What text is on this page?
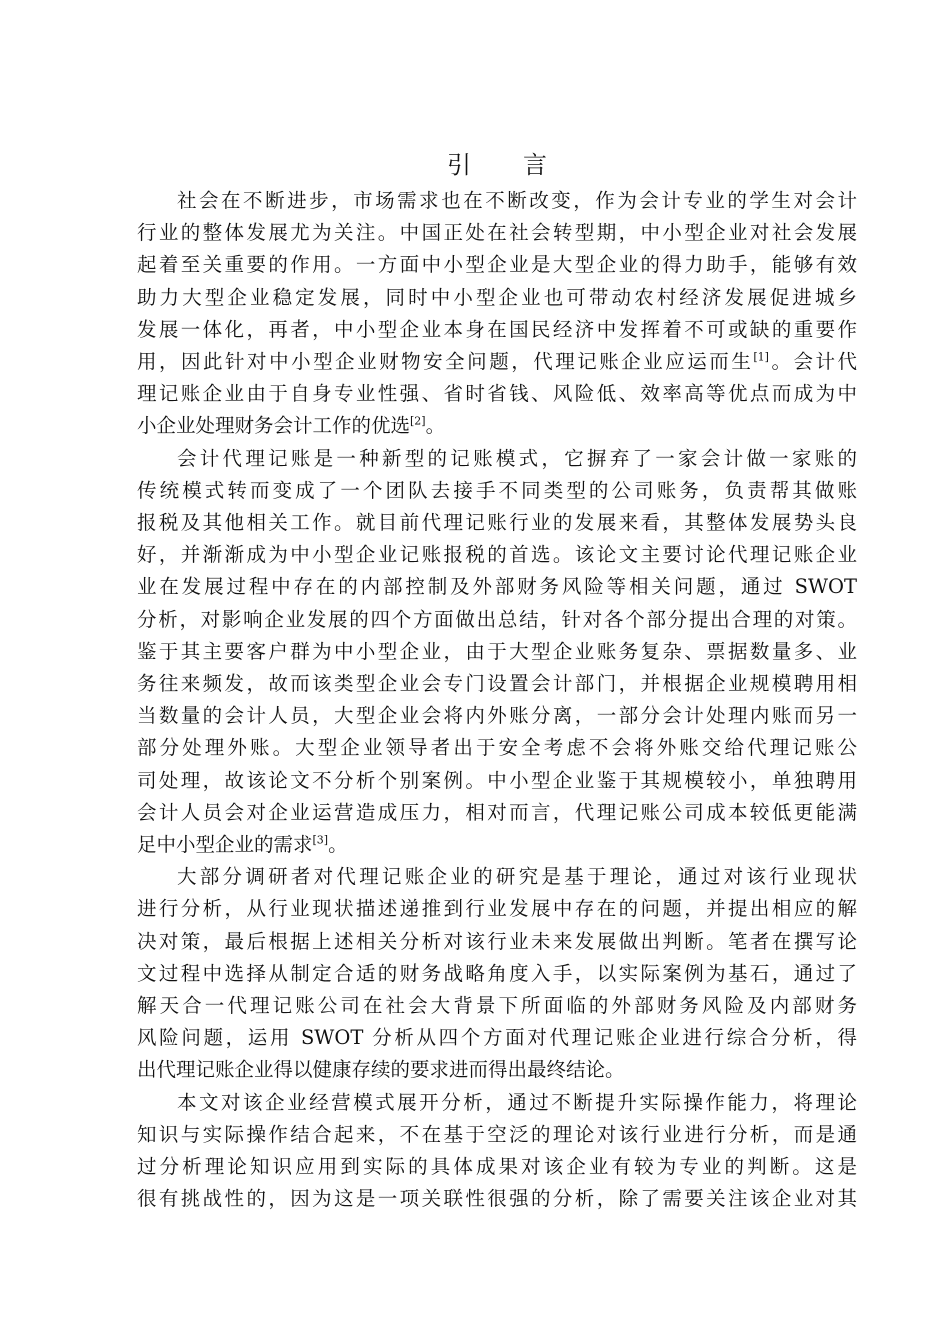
引 言
社会在不断进步，市场需求也在不断改变，作为会计专业的学生对会计
行业的整体发展尤为关注。中国正处在社会转型期，中小型企业对社会发展
起着至关重要的作用。一方面中小型企业是大型企业的得力助手，能够有效
助力大型企业稳定发展，同时中小型企业也可带动农村经济发展促进城乡
发展一体化，再者，中小型企业本身在国民经济中发挥着不可或缺的重要作
用，因此针对中小型企业财物安全问题，代理记账企业应运而生[1]。会计代
理记账企业由于自身专业性强、省时省钱、风险低、效率高等优点而成为中
小企业处理财务会计工作的优选[2]。
会计代理记账是一种新型的记账模式，它摒弃了一家会计做一家账的
传统模式转而变成了一个团队去接手不同类型的公司账务，负责帮其做账
报税及其他相关工作。就目前代理记账行业的发展来看，其整体发展势头良
好，并渐渐成为中小型企业记账报税的首选。该论文主要讨论代理记账企业
业在发展过程中存在的内部控制及外部财务风险等相关问题，通过 SWOT
分析，对影响企业发展的四个方面做出总结，针对各个部分提出合理的对策。
鉴于其主要客户群为中小型企业，由于大型企业账务复杂、票据数量多、业
务往来频发，故而该类型企业会专门设置会计部门，并根据企业规模聘用相
当数量的会计人员，大型企业会将内外账分离，一部分会计处理内账而另一
部分处理外账。大型企业领导者出于安全考虑不会将外账交给代理记账公
司处理，故该论文不分析个别案例。中小型企业鉴于其规模较小，单独聘用
会计人员会对企业运营造成压力，相对而言，代理记账公司成本较低更能满
足中小型企业的需求[3]。
大部分调研者对代理记账企业的研究是基于理论，通过对该行业现状
进行分析，从行业现状描述递推到行业发展中存在的问题，并提出相应的解
决对策，最后根据上述相关分析对该行业未来发展做出判断。笔者在撰写论
文过程中选择从制定合适的财务战略角度入手，以实际案例为基石，通过了
解天合一代理记账公司在社会大背景下所面临的外部财务风险及内部财务
风险问题，运用 SWOT 分析从四个方面对代理记账企业进行综合分析，得
出代理记账企业得以健康存续的要求进而得出最终结论。
本文对该企业经营模式展开分析，通过不断提升实际操作能力，将理论
知识与实际操作结合起来，不在基于空泛的理论对该行业进行分析，而是通
过分析理论知识应用到实际的具体成果对该企业有较为专业的判断。这是
很有挑战性的，因为这是一项关联性很强的分析，除了需要关注该企业对其
